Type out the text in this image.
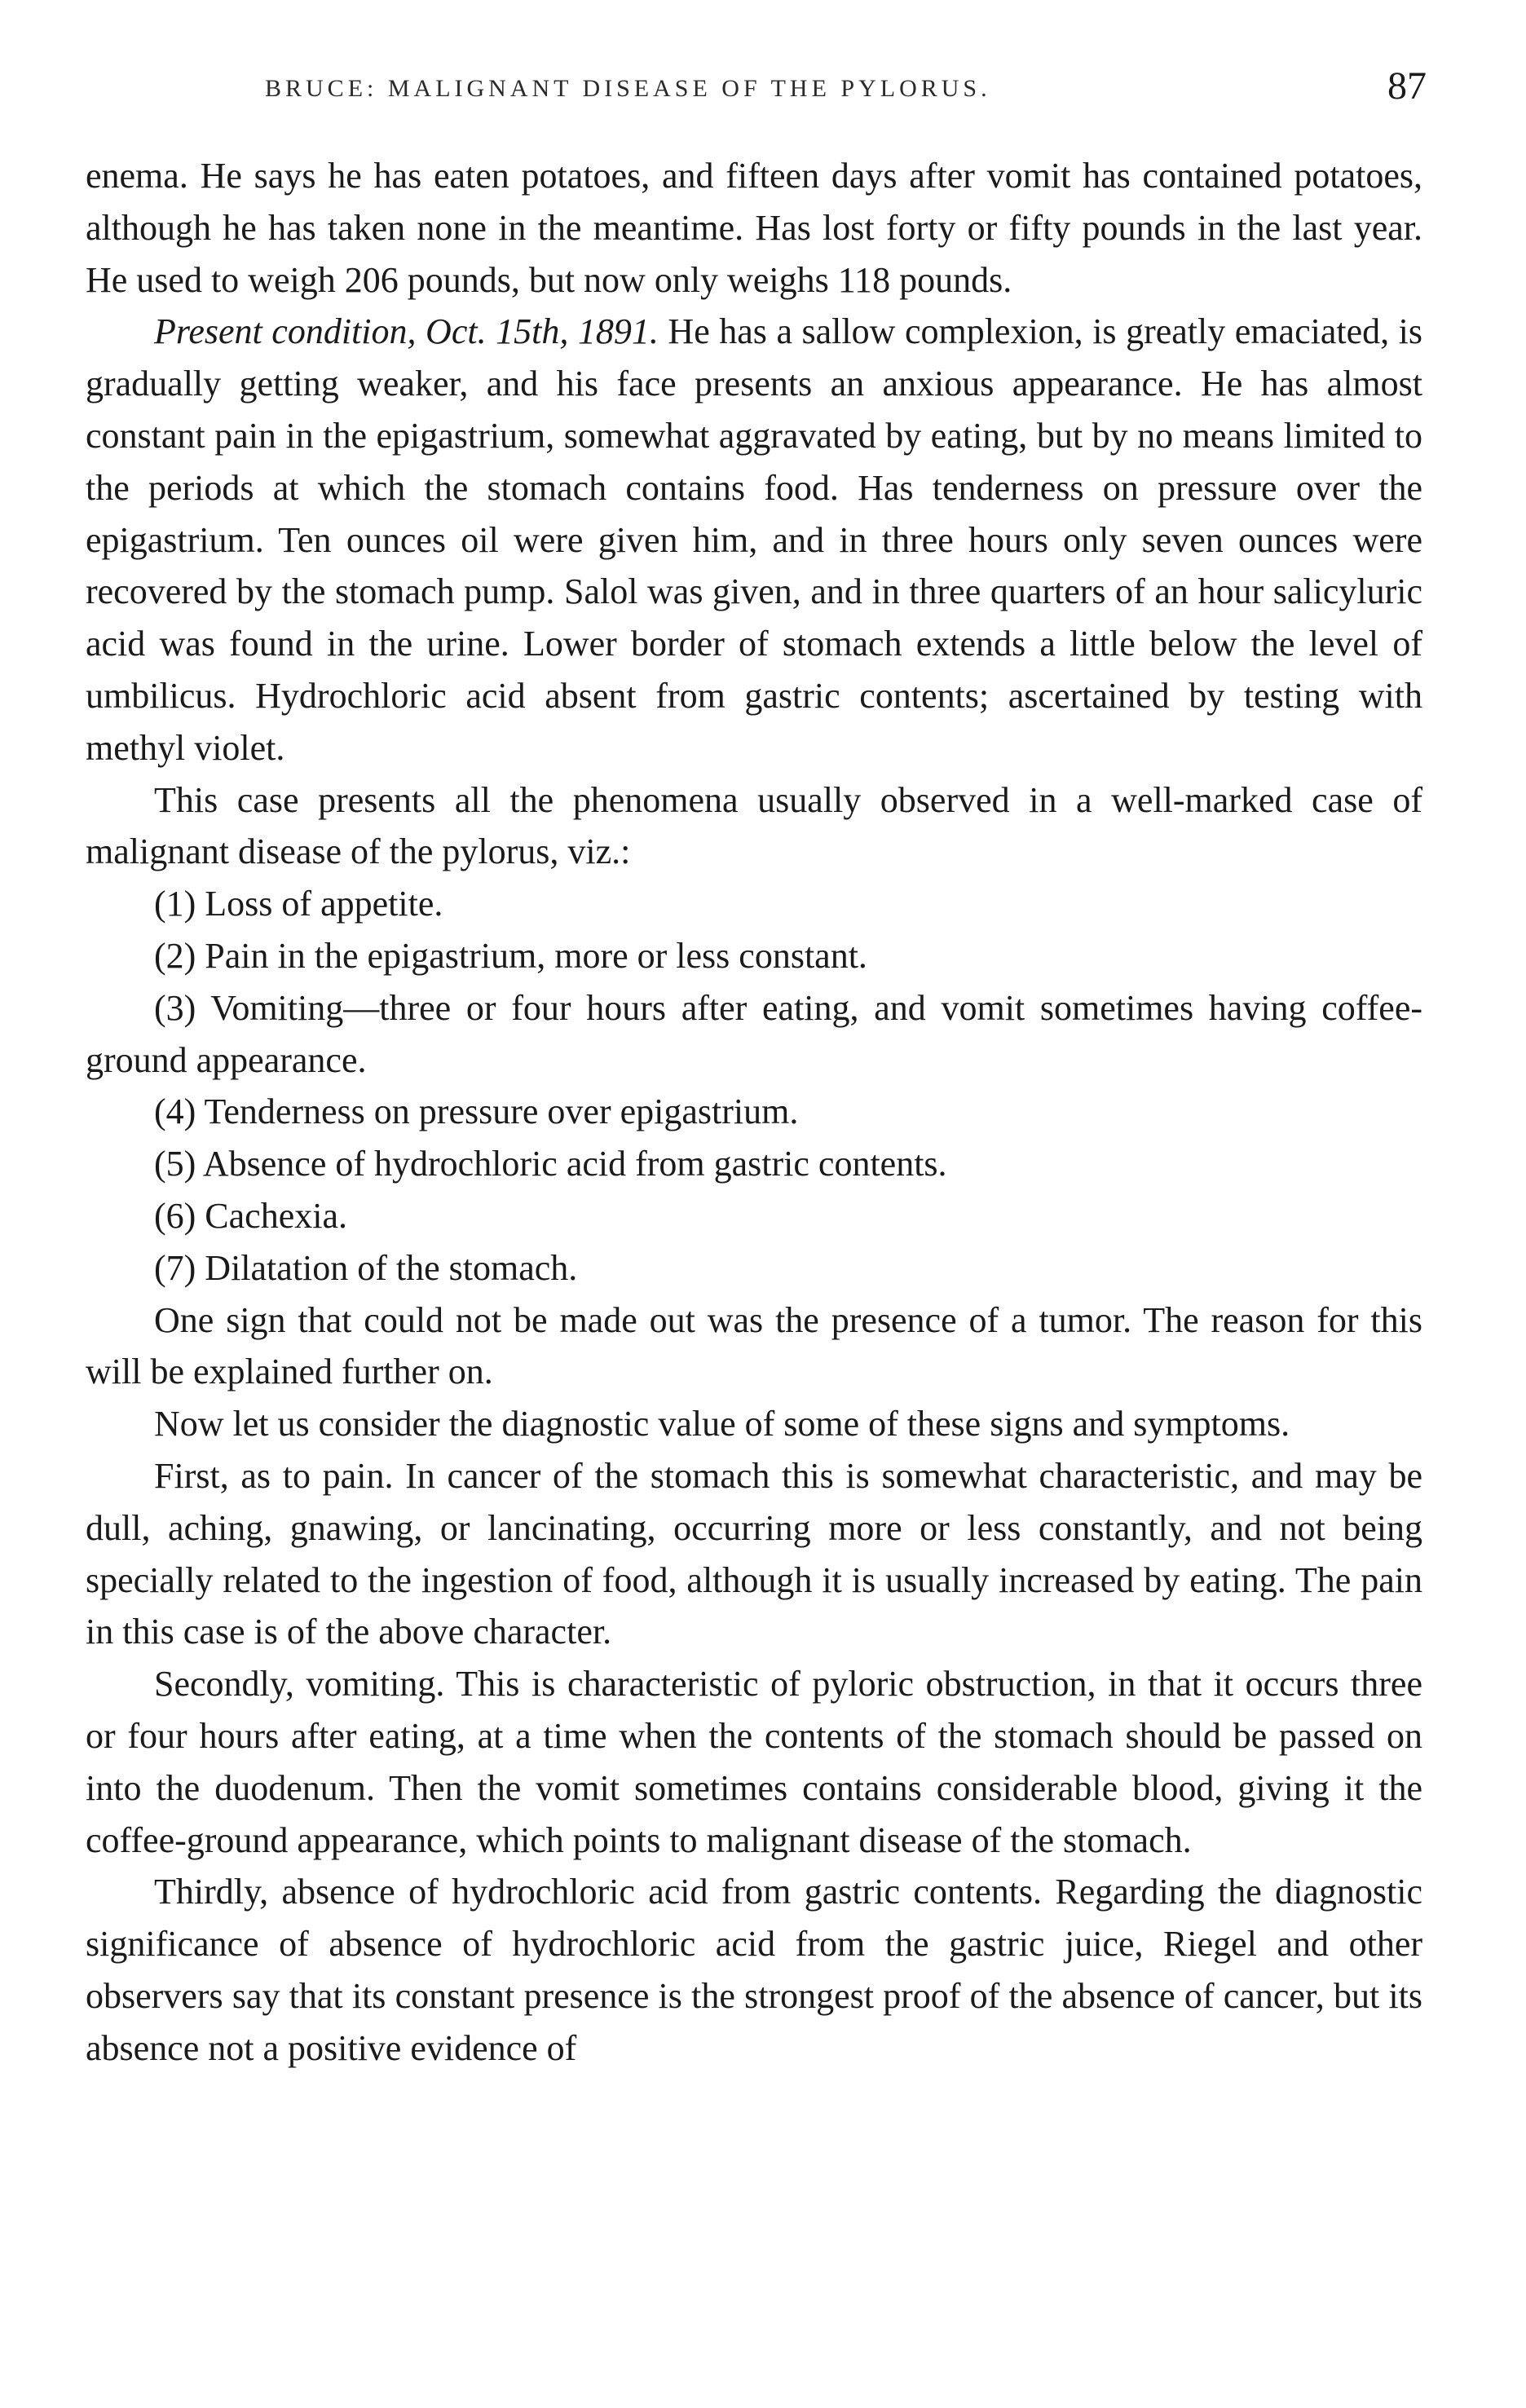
BRUCE: MALIGNANT DISEASE OF THE PYLORUS.	87

enema. He says he has eaten potatoes, and fifteen days after vomit has contained potatoes, although he has taken none in the meantime. Has lost forty or fifty pounds in the last year. He used to weigh 206 pounds, but now only weighs 118 pounds.

Present condition, Oct. 15th, 1891. He has a sallow complexion, is greatly emaciated, is gradually getting weaker, and his face presents an anxious appearance. He has almost constant pain in the epigastrium, somewhat aggravated by eating, but by no means limited to the periods at which the stomach contains food. Has tenderness on pressure over the epigastrium. Ten ounces oil were given him, and in three hours only seven ounces were recovered by the stomach pump. Salol was given, and in three quarters of an hour salicyluric acid was found in the urine. Lower border of stomach extends a little below the level of umbilicus. Hydrochloric acid absent from gastric contents; ascertained by testing with methyl violet.

This case presents all the phenomena usually observed in a well-marked case of malignant disease of the pylorus, viz.:

(1) Loss of appetite.

(2) Pain in the epigastrium, more or less constant.

(3) Vomiting—three or four hours after eating, and vomit sometimes having coffee-ground appearance.

(4) Tenderness on pressure over epigastrium.

(5) Absence of hydrochloric acid from gastric contents.

(6) Cachexia.

(7) Dilatation of the stomach.

One sign that could not be made out was the presence of a tumor. The reason for this will be explained further on.

Now let us consider the diagnostic value of some of these signs and symptoms.

First, as to pain. In cancer of the stomach this is somewhat characteristic, and may be dull, aching, gnawing, or lancinating, occurring more or less constantly, and not being specially related to the ingestion of food, although it is usually increased by eating. The pain in this case is of the above character.

Secondly, vomiting. This is characteristic of pyloric obstruction, in that it occurs three or four hours after eating, at a time when the contents of the stomach should be passed on into the duodenum. Then the vomit sometimes contains considerable blood, giving it the coffee-ground appearance, which points to malignant disease of the stomach.

Thirdly, absence of hydrochloric acid from gastric contents. Regarding the diagnostic significance of absence of hydrochloric acid from the gastric juice, Riegel and other observers say that its constant presence is the strongest proof of the absence of cancer, but its absence not a positive evidence of
